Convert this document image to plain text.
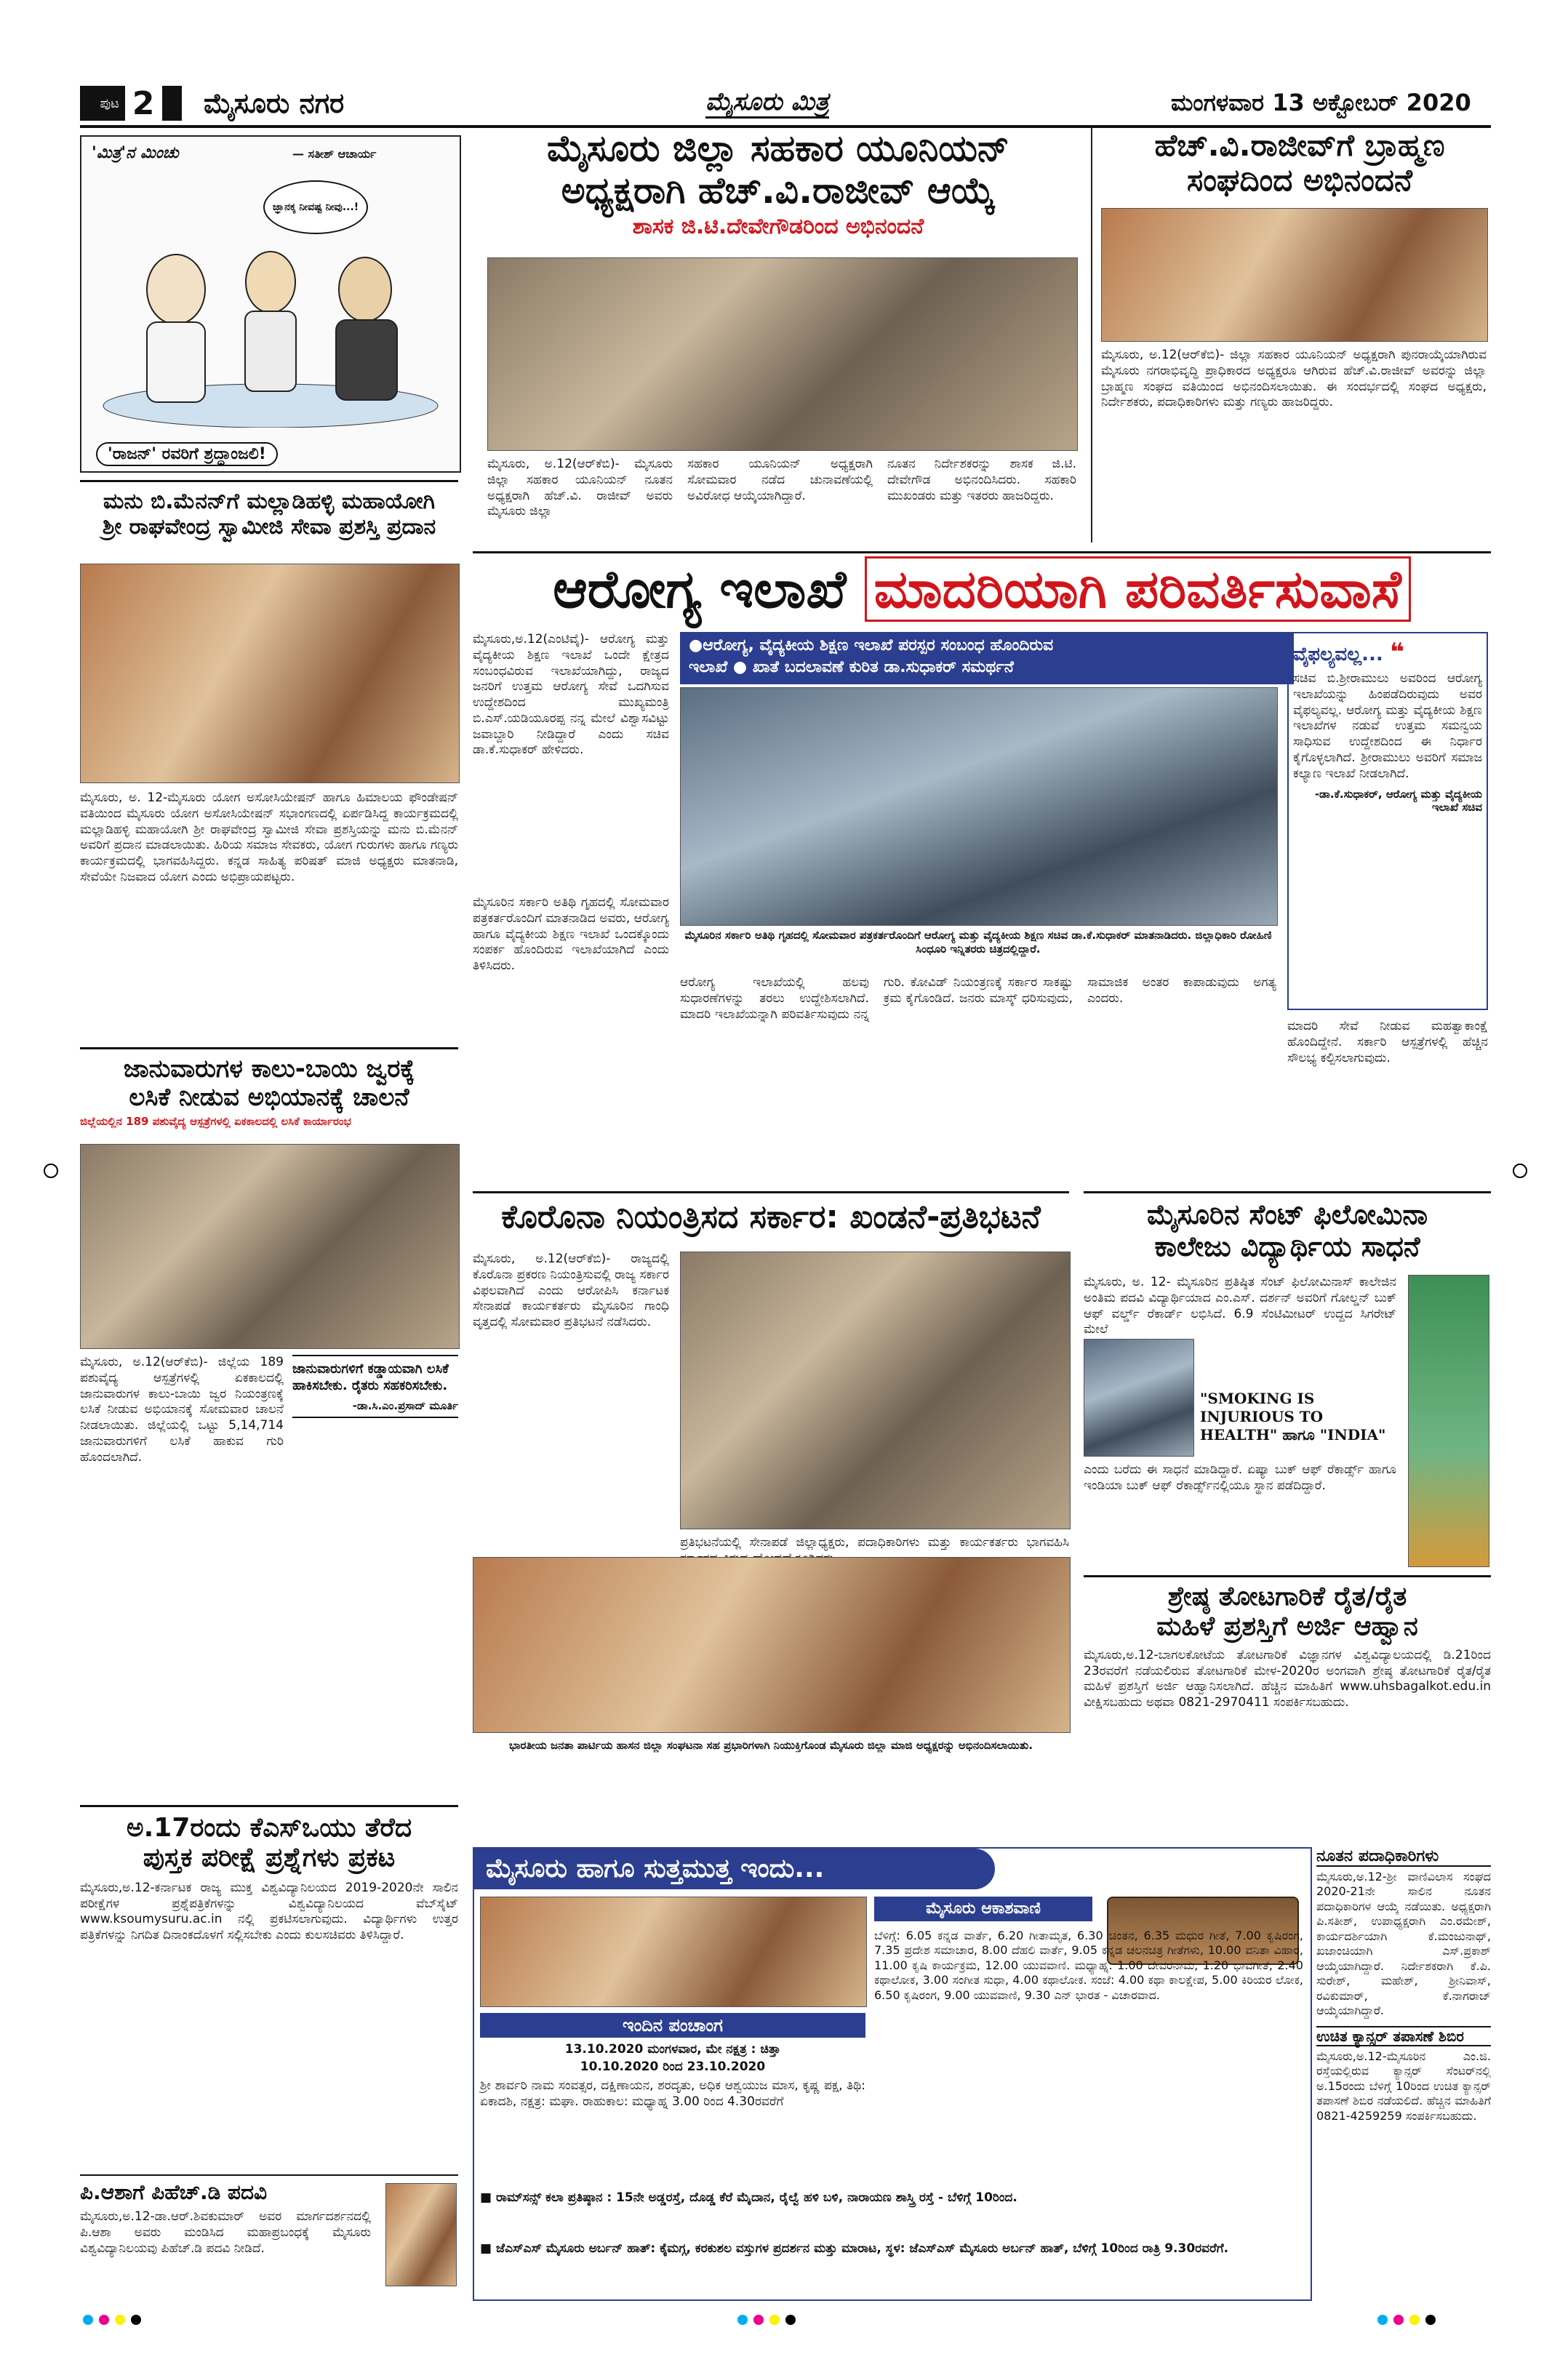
ಪುಟ 2 ಮೈಸೂರು ನಗರ	ಮೈಸೂರು ಮಿತ್ರ	ಮಂಗಳವಾರ 13 ಅಕ್ಟೋಬರ್ 2020
'ಮಿತ್ರ'ನ ಮಿಂಚು	— ಸತೀಶ್ ಆಚಾರ್ಯ
ಜ್ಞಾನಕ್ಕ ನೀವಷ್ಟ ನೀವು...!
'ರಾಜನ್' ರವರಿಗೆ ಶ್ರದ್ಧಾಂಜಲಿ!
ಮೈಸೂರು ಜಿಲ್ಲಾ ಸಹಕಾರ ಯೂನಿಯನ್
ಅಧ್ಯಕ್ಷರಾಗಿ ಹೆಚ್.ವಿ.ರಾಜೀವ್ ಆಯ್ಕೆ
ಶಾಸಕ ಜಿ.ಟಿ.ದೇವೇಗೌಡರಿಂದ ಅಭಿನಂದನೆ
ಮೈಸೂರು, ಅ.12(ಆರ್‌ಕೆಬಿ)- ಮೈಸೂರು ಜಿಲ್ಲಾ ಸಹಕಾರ ಯೂನಿಯನ್ ನೂತನ ಅಧ್ಯಕ್ಷರಾಗಿ ಹೆಚ್.ವಿ. ರಾಜೀವ್ ಅವರು ಮೈಸೂರು ಜಿಲ್ಲಾ
ಸಹಕಾರ ಯೂನಿಯನ್ ಅಧ್ಯಕ್ಷರಾಗಿ ಸೋಮವಾರ ನಡೆದ ಚುನಾವಣೆಯಲ್ಲಿ ಅವಿರೋಧ ಆಯ್ಕೆಯಾಗಿದ್ದಾರೆ.
ನೂತನ ನಿರ್ದೇಶಕರನ್ನು ಶಾಸಕ ಜಿ.ಟಿ. ದೇವೇಗೌಡ ಅಭಿನಂದಿಸಿದರು. ಸಹಕಾರಿ ಮುಖಂಡರು ಮತ್ತು ಇತರರು ಹಾಜರಿದ್ದರು.
ಹೆಚ್.ವಿ.ರಾಜೀವ್‌ಗೆ ಬ್ರಾಹ್ಮಣ
ಸಂಘದಿಂದ ಅಭಿನಂದನೆ
ಮೈಸೂರು, ಅ.12(ಆರ್‌ಕೆಬಿ)- ಜಿಲ್ಲಾ ಸಹಕಾರ ಯೂನಿಯನ್ ಅಧ್ಯಕ್ಷರಾಗಿ ಪುನರಾಯ್ಕೆಯಾಗಿರುವ ಮೈಸೂರು ನಗರಾಭಿವೃದ್ಧಿ ಪ್ರಾಧಿಕಾರದ ಅಧ್ಯಕ್ಷರೂ ಆಗಿರುವ ಹೆಚ್.ವಿ.ರಾಜೀವ್ ಅವರನ್ನು ಜಿಲ್ಲಾ ಬ್ರಾಹ್ಮಣ ಸಂಘದ ವತಿಯಿಂದ ಅಭಿನಂದಿಸಲಾಯಿತು. ಈ ಸಂದರ್ಭದಲ್ಲಿ ಸಂಘದ ಅಧ್ಯಕ್ಷರು, ನಿರ್ದೇಶಕರು, ಪದಾಧಿಕಾರಿಗಳು ಮತ್ತು ಗಣ್ಯರು ಹಾಜರಿದ್ದರು.
ಮನು ಬಿ.ಮೆನನ್‌ಗೆ ಮಲ್ಲಾಡಿಹಳ್ಳಿ ಮಹಾಯೋಗಿ
ಶ್ರೀ ರಾಘವೇಂದ್ರ ಸ್ವಾಮೀಜಿ ಸೇವಾ ಪ್ರಶಸ್ತಿ ಪ್ರದಾನ
ಮೈಸೂರು, ಅ. 12-ಮೈಸೂರು ಯೋಗ ಅಸೋಸಿಯೇಷನ್ ಹಾಗೂ ಹಿಮಾಲಯ ಫೌಂಡೇಷನ್ ವತಿಯಿಂದ ಮೈಸೂರು ಯೋಗ ಅಸೋಸಿಯೇಷನ್ ಸಭಾಂಗಣದಲ್ಲಿ ಏರ್ಪಡಿಸಿದ್ದ ಕಾರ್ಯಕ್ರಮದಲ್ಲಿ ಮಲ್ಲಾಡಿಹಳ್ಳಿ ಮಹಾಯೋಗಿ ಶ್ರೀ ರಾಘವೇಂದ್ರ ಸ್ವಾಮೀಜಿ ಸೇವಾ ಪ್ರಶಸ್ತಿಯನ್ನು ಮನು ಬಿ.ಮೆನನ್ ಅವರಿಗೆ ಪ್ರದಾನ ಮಾಡಲಾಯಿತು. ಹಿರಿಯ ಸಮಾಜ ಸೇವಕರು, ಯೋಗ ಗುರುಗಳು ಹಾಗೂ ಗಣ್ಯರು ಕಾರ್ಯಕ್ರಮದಲ್ಲಿ ಭಾಗವಹಿಸಿದ್ದರು. ಕನ್ನಡ ಸಾಹಿತ್ಯ ಪರಿಷತ್ ಮಾಜಿ ಅಧ್ಯಕ್ಷರು ಮಾತನಾಡಿ, ಸೇವೆಯೇ ನಿಜವಾದ ಯೋಗ ಎಂದು ಅಭಿಪ್ರಾಯಪಟ್ಟರು.
ಆರೋಗ್ಯ ಇಲಾಖೆ ಮಾದರಿಯಾಗಿ ಪರಿವರ್ತಿಸುವಾಸೆ
ಮೈಸೂರು,ಅ.12(ಎಂಟಿವೈ)- ಆರೋಗ್ಯ ಮತ್ತು ವೈದ್ಯಕೀಯ ಶಿಕ್ಷಣ ಇಲಾಖೆ ಒಂದೇ ಕ್ಷೇತ್ರದ ಸಂಬಂಧವಿರುವ ಇಲಾಖೆಯಾಗಿದ್ದು, ರಾಜ್ಯದ ಜನರಿಗೆ ಉತ್ತಮ ಆರೋಗ್ಯ ಸೇವೆ ಒದಗಿಸುವ ಉದ್ದೇಶದಿಂದ ಮುಖ್ಯಮಂತ್ರಿ ಬಿ.ಎಸ್.ಯಡಿಯೂರಪ್ಪ ನನ್ನ ಮೇಲೆ ವಿಶ್ವಾಸವಿಟ್ಟು ಜವಾಬ್ದಾರಿ ನೀಡಿದ್ದಾರೆ ಎಂದು ಸಚಿವ ಡಾ.ಕೆ.ಸುಧಾಕರ್ ಹೇಳಿದರು.
ಮೈಸೂರಿನ ಸರ್ಕಾರಿ ಅತಿಥಿ ಗೃಹದಲ್ಲಿ ಸೋಮವಾರ ಪತ್ರಕರ್ತರೊಂದಿಗೆ ಮಾತನಾಡಿದ ಅವರು, ಆರೋಗ್ಯ ಹಾಗೂ ವೈದ್ಯಕೀಯ ಶಿಕ್ಷಣ ಇಲಾಖೆ ಒಂದಕ್ಕೊಂದು ಸಂಪರ್ಕ ಹೊಂದಿರುವ ಇಲಾಖೆಯಾಗಿದೆ ಎಂದು ತಿಳಿಸಿದರು.
●ಆರೋಗ್ಯ, ವೈದ್ಯಕೀಯ ಶಿಕ್ಷಣ ಇಲಾಖೆ ಪರಸ್ಪರ ಸಂಬಂಧ ಹೊಂದಿರುವ
ಇಲಾಖೆ ● ಖಾತೆ ಬದಲಾವಣೆ ಕುರಿತ ಡಾ.ಸುಧಾಕರ್ ಸಮರ್ಥನೆ
ಮೈಸೂರಿನ ಸರ್ಕಾರಿ ಅತಿಥಿ ಗೃಹದಲ್ಲಿ ಸೋಮವಾರ ಪತ್ರಕರ್ತರೊಂದಿಗೆ ಆರೋಗ್ಯ ಮತ್ತು ವೈದ್ಯಕೀಯ ಶಿಕ್ಷಣ ಸಚಿವ ಡಾ.ಕೆ.ಸುಧಾಕರ್ ಮಾತನಾಡಿದರು. ಜಿಲ್ಲಾಧಿಕಾರಿ ರೋಹಿಣಿ ಸಿಂಧೂರಿ ಇನ್ನಿತರರು ಚಿತ್ರದಲ್ಲಿದ್ದಾರೆ.
ಆರೋಗ್ಯ ಇಲಾಖೆಯಲ್ಲಿ ಹಲವು ಸುಧಾರಣೆಗಳನ್ನು ತರಲು ಉದ್ದೇಶಿಸಲಾಗಿದೆ. ಮಾದರಿ ಇಲಾಖೆಯನ್ನಾಗಿ ಪರಿವರ್ತಿಸುವುದು ನನ್ನ ಗುರಿ. ಕೋವಿಡ್ ನಿಯಂತ್ರಣಕ್ಕೆ ಸರ್ಕಾರ ಸಾಕಷ್ಟು ಕ್ರಮ ಕೈಗೊಂಡಿದೆ. ಜನರು ಮಾಸ್ಕ್ ಧರಿಸುವುದು, ಸಾಮಾಜಿಕ ಅಂತರ ಕಾಪಾಡುವುದು ಅಗತ್ಯ ಎಂದರು.
ವೈಫಲ್ಯವಲ್ಲ... ❝
ಸಚಿವ ಬಿ.ಶ್ರೀರಾಮುಲು ಅವರಿಂದ ಆರೋಗ್ಯ ಇಲಾಖೆಯನ್ನು ಹಿಂಪಡೆದಿರುವುದು ಅವರ ವೈಫಲ್ಯವಲ್ಲ. ಆರೋಗ್ಯ ಮತ್ತು ವೈದ್ಯಕೀಯ ಶಿಕ್ಷಣ ಇಲಾಖೆಗಳ ನಡುವೆ ಉತ್ತಮ ಸಮನ್ವಯ ಸಾಧಿಸುವ ಉದ್ದೇಶದಿಂದ ಈ ನಿರ್ಧಾರ ಕೈಗೊಳ್ಳಲಾಗಿದೆ. ಶ್ರೀರಾಮುಲು ಅವರಿಗೆ ಸಮಾಜ ಕಲ್ಯಾಣ ಇಲಾಖೆ ನೀಡಲಾಗಿದೆ.
-ಡಾ.ಕೆ.ಸುಧಾಕರ್, ಆರೋಗ್ಯ ಮತ್ತು ವೈದ್ಯಕೀಯ ಇಲಾಖೆ ಸಚಿವ
ಮಾದರಿ ಸೇವೆ ನೀಡುವ ಮಹತ್ವಾಕಾಂಕ್ಷೆ ಹೊಂದಿದ್ದೇನೆ. ಸರ್ಕಾರಿ ಆಸ್ಪತ್ರೆಗಳಲ್ಲಿ ಹೆಚ್ಚಿನ ಸೌಲಭ್ಯ ಕಲ್ಪಿಸಲಾಗುವುದು.
ಜಾನುವಾರುಗಳ ಕಾಲು-ಬಾಯಿ ಜ್ವರಕ್ಕೆ
ಲಸಿಕೆ ನೀಡುವ ಅಭಿಯಾನಕ್ಕೆ ಚಾಲನೆ
ಜಿಲ್ಲೆಯಲ್ಲಿನ 189 ಪಶುವೈದ್ಯ ಆಸ್ಪತ್ರೆಗಳಲ್ಲಿ ಏಕಕಾಲದಲ್ಲಿ ಲಸಿಕೆ ಕಾರ್ಯಾರಂಭ
ಮೈಸೂರು, ಅ.12(ಆರ್‌ಕೆಬಿ)- ಜಿಲ್ಲೆಯ 189 ಪಶುವೈದ್ಯ ಆಸ್ಪತ್ರೆಗಳಲ್ಲಿ ಏಕಕಾಲದಲ್ಲಿ ಜಾನುವಾರುಗಳ ಕಾಲು-ಬಾಯಿ ಜ್ವರ ನಿಯಂತ್ರಣಕ್ಕೆ ಲಸಿಕೆ ನೀಡುವ ಅಭಿಯಾನಕ್ಕೆ ಸೋಮವಾರ ಚಾಲನೆ ನೀಡಲಾಯಿತು. ಜಿಲ್ಲೆಯಲ್ಲಿ ಒಟ್ಟು 5,14,714 ಜಾನುವಾರುಗಳಿಗೆ ಲಸಿಕೆ ಹಾಕುವ ಗುರಿ ಹೊಂದಲಾಗಿದೆ.
ಜಾನುವಾರುಗಳಿಗೆ ಕಡ್ಡಾಯವಾಗಿ ಲಸಿಕೆ ಹಾಕಿಸಬೇಕು. ರೈತರು ಸಹಕರಿಸಬೇಕು.
-ಡಾ.ಸಿ.ಎಂ.ಪ್ರಸಾದ್ ಮೂರ್ತಿ
ಅ.17ರಂದು ಕೆಎಸ್‌ಒಯು ತೆರೆದ
ಪುಸ್ತಕ ಪರೀಕ್ಷೆ ಪ್ರಶ್ನೆಗಳು ಪ್ರಕಟ
ಮೈಸೂರು,ಅ.12-ಕರ್ನಾಟಕ ರಾಜ್ಯ ಮುಕ್ತ ವಿಶ್ವವಿದ್ಯಾನಿಲಯದ 2019-2020ನೇ ಸಾಲಿನ ಪರೀಕ್ಷೆಗಳ ಪ್ರಶ್ನೆಪತ್ರಿಕೆಗಳನ್ನು ವಿಶ್ವವಿದ್ಯಾನಿಲಯದ ವೆಬ್‌ಸೈಟ್ www.ksoumysuru.ac.in ನಲ್ಲಿ ಪ್ರಕಟಿಸಲಾಗುವುದು. ವಿದ್ಯಾರ್ಥಿಗಳು ಉತ್ತರ ಪತ್ರಿಕೆಗಳನ್ನು ನಿಗದಿತ ದಿನಾಂಕದೊಳಗೆ ಸಲ್ಲಿಸಬೇಕು ಎಂದು ಕುಲಸಚಿವರು ತಿಳಿಸಿದ್ದಾರೆ.
ಪಿ.ಆಶಾಗೆ ಪಿಹೆಚ್.ಡಿ ಪದವಿ
ಮೈಸೂರು,ಅ.12-ಡಾ.ಆರ್.ಶಿವಕುಮಾರ್ ಅವರ ಮಾರ್ಗದರ್ಶನದಲ್ಲಿ ಪಿ.ಆಶಾ ಅವರು ಮಂಡಿಸಿದ ಮಹಾಪ್ರಬಂಧಕ್ಕೆ ಮೈಸೂರು ವಿಶ್ವವಿದ್ಯಾನಿಲಯವು ಪಿಹೆಚ್.ಡಿ ಪದವಿ ನೀಡಿದೆ.
ಕೊರೊನಾ ನಿಯಂತ್ರಿಸದ ಸರ್ಕಾರ: ಖಂಡನೆ-ಪ್ರತಿಭಟನೆ
ಮೈಸೂರು, ಅ.12(ಆರ್‌ಕೆಬಿ)- ರಾಜ್ಯದಲ್ಲಿ ಕೊರೊನಾ ಪ್ರಕರಣ ನಿಯಂತ್ರಿಸುವಲ್ಲಿ ರಾಜ್ಯ ಸರ್ಕಾರ ವಿಫಲವಾಗಿದೆ ಎಂದು ಆರೋಪಿಸಿ ಕರ್ನಾಟಕ ಸೇನಾಪಡೆ ಕಾರ್ಯಕರ್ತರು ಮೈಸೂರಿನ ಗಾಂಧಿ ವೃತ್ತದಲ್ಲಿ ಸೋಮವಾರ ಪ್ರತಿಭಟನೆ ನಡೆಸಿದರು.
ಪ್ರತಿಭಟನೆಯಲ್ಲಿ ಸೇನಾಪಡೆ ಜಿಲ್ಲಾಧ್ಯಕ್ಷರು, ಪದಾಧಿಕಾರಿಗಳು ಮತ್ತು ಕಾರ್ಯಕರ್ತರು ಭಾಗವಹಿಸಿ
ಭಾರತೀಯ ಜನತಾ ಪಾರ್ಟಿಯ ಹಾಸನ ಜಿಲ್ಲಾ ಸಂಘಟನಾ ಸಹ ಪ್ರಭಾರಿಗಳಾಗಿ ನಿಯುಕ್ತಿಗೊಂಡ ಮೈಸೂರು ಜಿಲ್ಲಾ ಮಾಜಿ ಅಧ್ಯಕ್ಷರನ್ನು ಅಭಿನಂದಿಸಲಾಯಿತು.
ಮೈಸೂರಿನ ಸೆಂಟ್ ಫಿಲೋಮಿನಾ
ಕಾಲೇಜು ವಿದ್ಯಾರ್ಥಿಯ ಸಾಧನೆ
ಮೈಸೂರು, ಅ. 12- ಮೈಸೂರಿನ ಪ್ರತಿಷ್ಠಿತ ಸೆಂಟ್ ಫಿಲೋಮಿನಾಸ್ ಕಾಲೇಜಿನ ಅಂತಿಮ ಪದವಿ ವಿದ್ಯಾರ್ಥಿಯಾದ ಎಂ.ಎಸ್. ದರ್ಶನ್ ಅವರಿಗೆ ಗೋಲ್ಡನ್ ಬುಕ್ ಆಫ್ ವರ್ಲ್ಡ್ ರೆಕಾರ್ಡ್ ಲಭಿಸಿದೆ. 6.9 ಸೆಂಟಿಮೀಟರ್ ಉದ್ದದ ಸಿಗರೇಟ್ ಮೇಲೆ
"SMOKING IS INJURIOUS TO HEALTH" ಹಾಗೂ "INDIA"
ಎಂದು ಬರೆದು ಈ ಸಾಧನೆ ಮಾಡಿದ್ದಾರೆ. ಏಷ್ಯಾ ಬುಕ್ ಆಫ್ ರೆಕಾರ್ಡ್ಸ್ ಹಾಗೂ ಇಂಡಿಯಾ ಬುಕ್ ಆಫ್ ರೆಕಾರ್ಡ್ಸ್‌ನಲ್ಲಿಯೂ ಸ್ಥಾನ ಪಡೆದಿದ್ದಾರೆ.
ಶ್ರೇಷ್ಠ ತೋಟಗಾರಿಕೆ ರೈತ/ರೈತ
ಮಹಿಳೆ ಪ್ರಶಸ್ತಿಗೆ ಅರ್ಜಿ ಆಹ್ವಾನ
ಮೈಸೂರು,ಅ.12-ಬಾಗಲಕೋಟೆಯ ತೋಟಗಾರಿಕೆ ವಿಜ್ಞಾನಗಳ ವಿಶ್ವವಿದ್ಯಾಲಯದಲ್ಲಿ ಡಿ.21ರಿಂದ 23ರವರೆಗೆ ನಡೆಯಲಿರುವ ತೋಟಗಾರಿಕೆ ಮೇಳ-2020ರ ಅಂಗವಾಗಿ ಶ್ರೇಷ್ಠ ತೋಟಗಾರಿಕೆ ರೈತ/ರೈತ ಮಹಿಳೆ ಪ್ರಶಸ್ತಿಗೆ ಅರ್ಜಿ ಆಹ್ವಾನಿಸಲಾಗಿದೆ. ಹೆಚ್ಚಿನ ಮಾಹಿತಿಗೆ www.uhsbagalkot.edu.in ವೀಕ್ಷಿಸಬಹುದು ಅಥವಾ 0821-2970411 ಸಂಪರ್ಕಿಸಬಹುದು.
ಮೈಸೂರು ಹಾಗೂ ಸುತ್ತಮುತ್ತ ಇಂದು...
ಇಂದಿನ ಪಂಚಾಂಗ
13.10.2020 ಮಂಗಳವಾರ, ಮೇ ನಕ್ಷತ್ರ : ಚಿತ್ತಾ
10.10.2020 ರಿಂದ 23.10.2020
ಶ್ರೀ ಶಾರ್ವರಿ ನಾಮ ಸಂವತ್ಸರ, ದಕ್ಷಿಣಾಯನ, ಶರದೃತು, ಅಧಿಕ ಆಶ್ವಯುಜ ಮಾಸ, ಕೃಷ್ಣ ಪಕ್ಷ, ತಿಥಿ: ಏಕಾದಶಿ, ನಕ್ಷತ್ರ: ಮಘಾ. ರಾಹುಕಾಲ: ಮಧ್ಯಾಹ್ನ 3.00 ರಿಂದ 4.30ರವರೆಗೆ
ಮೈಸೂರು ಆಕಾಶವಾಣಿ
ಬೆಳಿಗ್ಗೆ: 6.05 ಕನ್ನಡ ವಾರ್ತೆ, 6.20 ಗೀತಾಮೃತ, 6.30 ಚಿಂತನ, 6.35 ಮಧುರ ಗೀತೆ, 7.00 ಕೃಷಿರಂಗ, 7.35 ಪ್ರದೇಶ ಸಮಾಚಾರ, 8.00 ದೆಹಲಿ ವಾರ್ತೆ, 9.05 ಕನ್ನಡ ಚಲನಚಿತ್ರ ಗೀತೆಗಳು, 10.00 ವನಿತಾ ವಿಹಾರ, 11.00 ಕೃಷಿ ಕಾರ್ಯಕ್ರಮ, 12.00 ಯುವವಾಣಿ. ಮಧ್ಯಾಹ್ನ: 1.00 ದೇವರನಾಮ, 1.20 ಭಾವಗೀತೆ, 2.40 ಕಥಾಲೋಕ, 3.00 ಸಂಗೀತ ಸುಧಾ, 4.00 ಕಥಾಲೋಕ. ಸಂಜೆ: 4.00 ಕಥಾ ಕಾಲಕ್ಷೇಪ, 5.00 ಕಿರಿಯರ ಲೋಕ, 6.50 ಕೃಷಿರಂಗ, 9.00 ಯುವವಾಣಿ, 9.30 ಎನ್ ಭಾರತ - ವಿಚಾರವಾದ.
■ ರಾಮ್‌ಸನ್ಸ್ ಕಲಾ ಪ್ರತಿಷ್ಠಾನ : 15ನೇ ಅಡ್ಡರಸ್ತೆ, ದೊಡ್ಡ ಕೆರೆ ಮೈದಾನ, ರೈಲ್ವೆ ಹಳಿ ಬಳಿ, ನಾರಾಯಣ ಶಾಸ್ತ್ರಿ ರಸ್ತೆ - ಬೆಳಿಗ್ಗೆ 10ರಿಂದ.
■ ಜೆಎಸ್‌ಎಸ್ ಮೈಸೂರು ಅರ್ಬನ್ ಹಾತ್: ಕೈಮಗ್ಗ, ಕರಕುಶಲ ವಸ್ತುಗಳ ಪ್ರದರ್ಶನ ಮತ್ತು ಮಾರಾಟ, ಸ್ಥಳ: ಜೆಎಸ್‌ಎಸ್ ಮೈಸೂರು ಅರ್ಬನ್ ಹಾತ್, ಬೆಳಿಗ್ಗೆ 10ರಿಂದ ರಾತ್ರಿ 9.30ರವರೆಗೆ.
ನೂತನ ಪದಾಧಿಕಾರಿಗಳು
ಮೈಸೂರು,ಅ.12-ಶ್ರೀ ವಾಣಿವಿಲಾಸ ಸಂಘದ 2020-21ನೇ ಸಾಲಿನ ನೂತನ ಪದಾಧಿಕಾರಿಗಳ ಆಯ್ಕೆ ನಡೆಯಿತು. ಅಧ್ಯಕ್ಷರಾಗಿ ಪಿ.ಸತೀಶ್, ಉಪಾಧ್ಯಕ್ಷರಾಗಿ ಎಂ.ರಮೇಶ್, ಕಾರ್ಯದರ್ಶಿಯಾಗಿ ಕೆ.ಮಂಜುನಾಥ್, ಖಜಾಂಚಿಯಾಗಿ ಎಸ್.ಪ್ರಕಾಶ್ ಆಯ್ಕೆಯಾಗಿದ್ದಾರೆ. ನಿರ್ದೇಶಕರಾಗಿ ಕೆ.ಪಿ. ಸುರೇಶ್, ಮಹೇಶ್, ಶ್ರೀನಿವಾಸ್, ರವಿಕುಮಾರ್, ಕೆ.ನಾಗರಾಜ್ ಆಯ್ಕೆಯಾಗಿದ್ದಾರೆ.
ಉಚಿತ ಕ್ಯಾನ್ಸರ್ ತಪಾಸಣೆ ಶಿಬಿರ
ಮೈಸೂರು,ಅ.12-ಮೈಸೂರಿನ ಎಂ.ಜಿ. ರಸ್ತೆಯಲ್ಲಿರುವ ಕ್ಯಾನ್ಸರ್ ಸೆಂಟರ್‌ನಲ್ಲಿ ಅ.15ರಂದು ಬೆಳಿಗ್ಗೆ 10ರಿಂದ ಉಚಿತ ಕ್ಯಾನ್ಸರ್ ತಪಾಸಣೆ ಶಿಬಿರ ನಡೆಯಲಿದೆ. ಹೆಚ್ಚಿನ ಮಾಹಿತಿಗೆ 0821-4259259 ಸಂಪರ್ಕಿಸಬಹುದು.
